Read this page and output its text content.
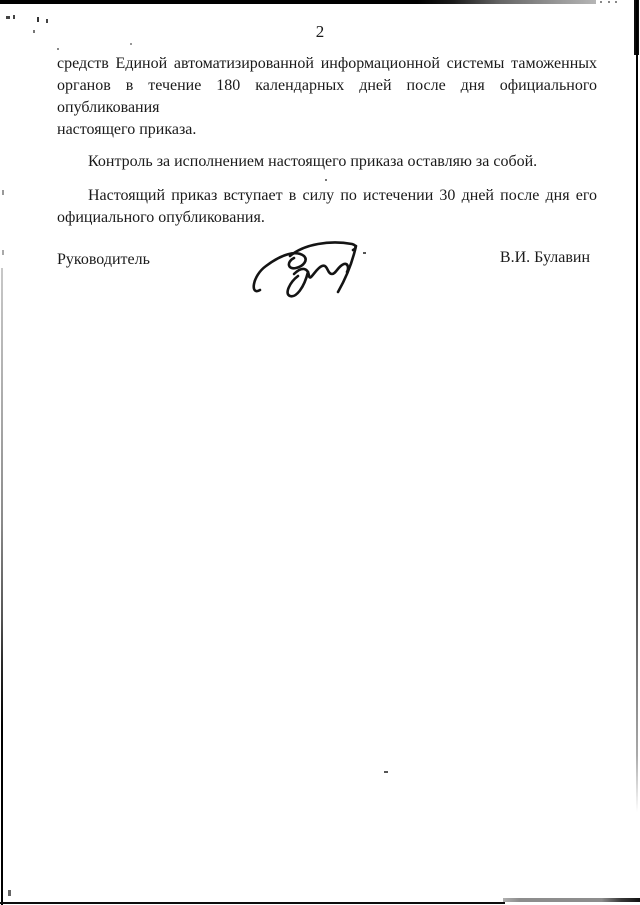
2
средств Единой автоматизированной информационной системы таможенных
органов в течение 180 календарных дней после дня официального опубликования
настоящего приказа.
Контроль за исполнением настоящего приказа оставляю за собой.
Настоящий приказ вступает в силу по истечении 30 дней после дня его
официального опубликования.
Руководитель	В.И. Булавин
